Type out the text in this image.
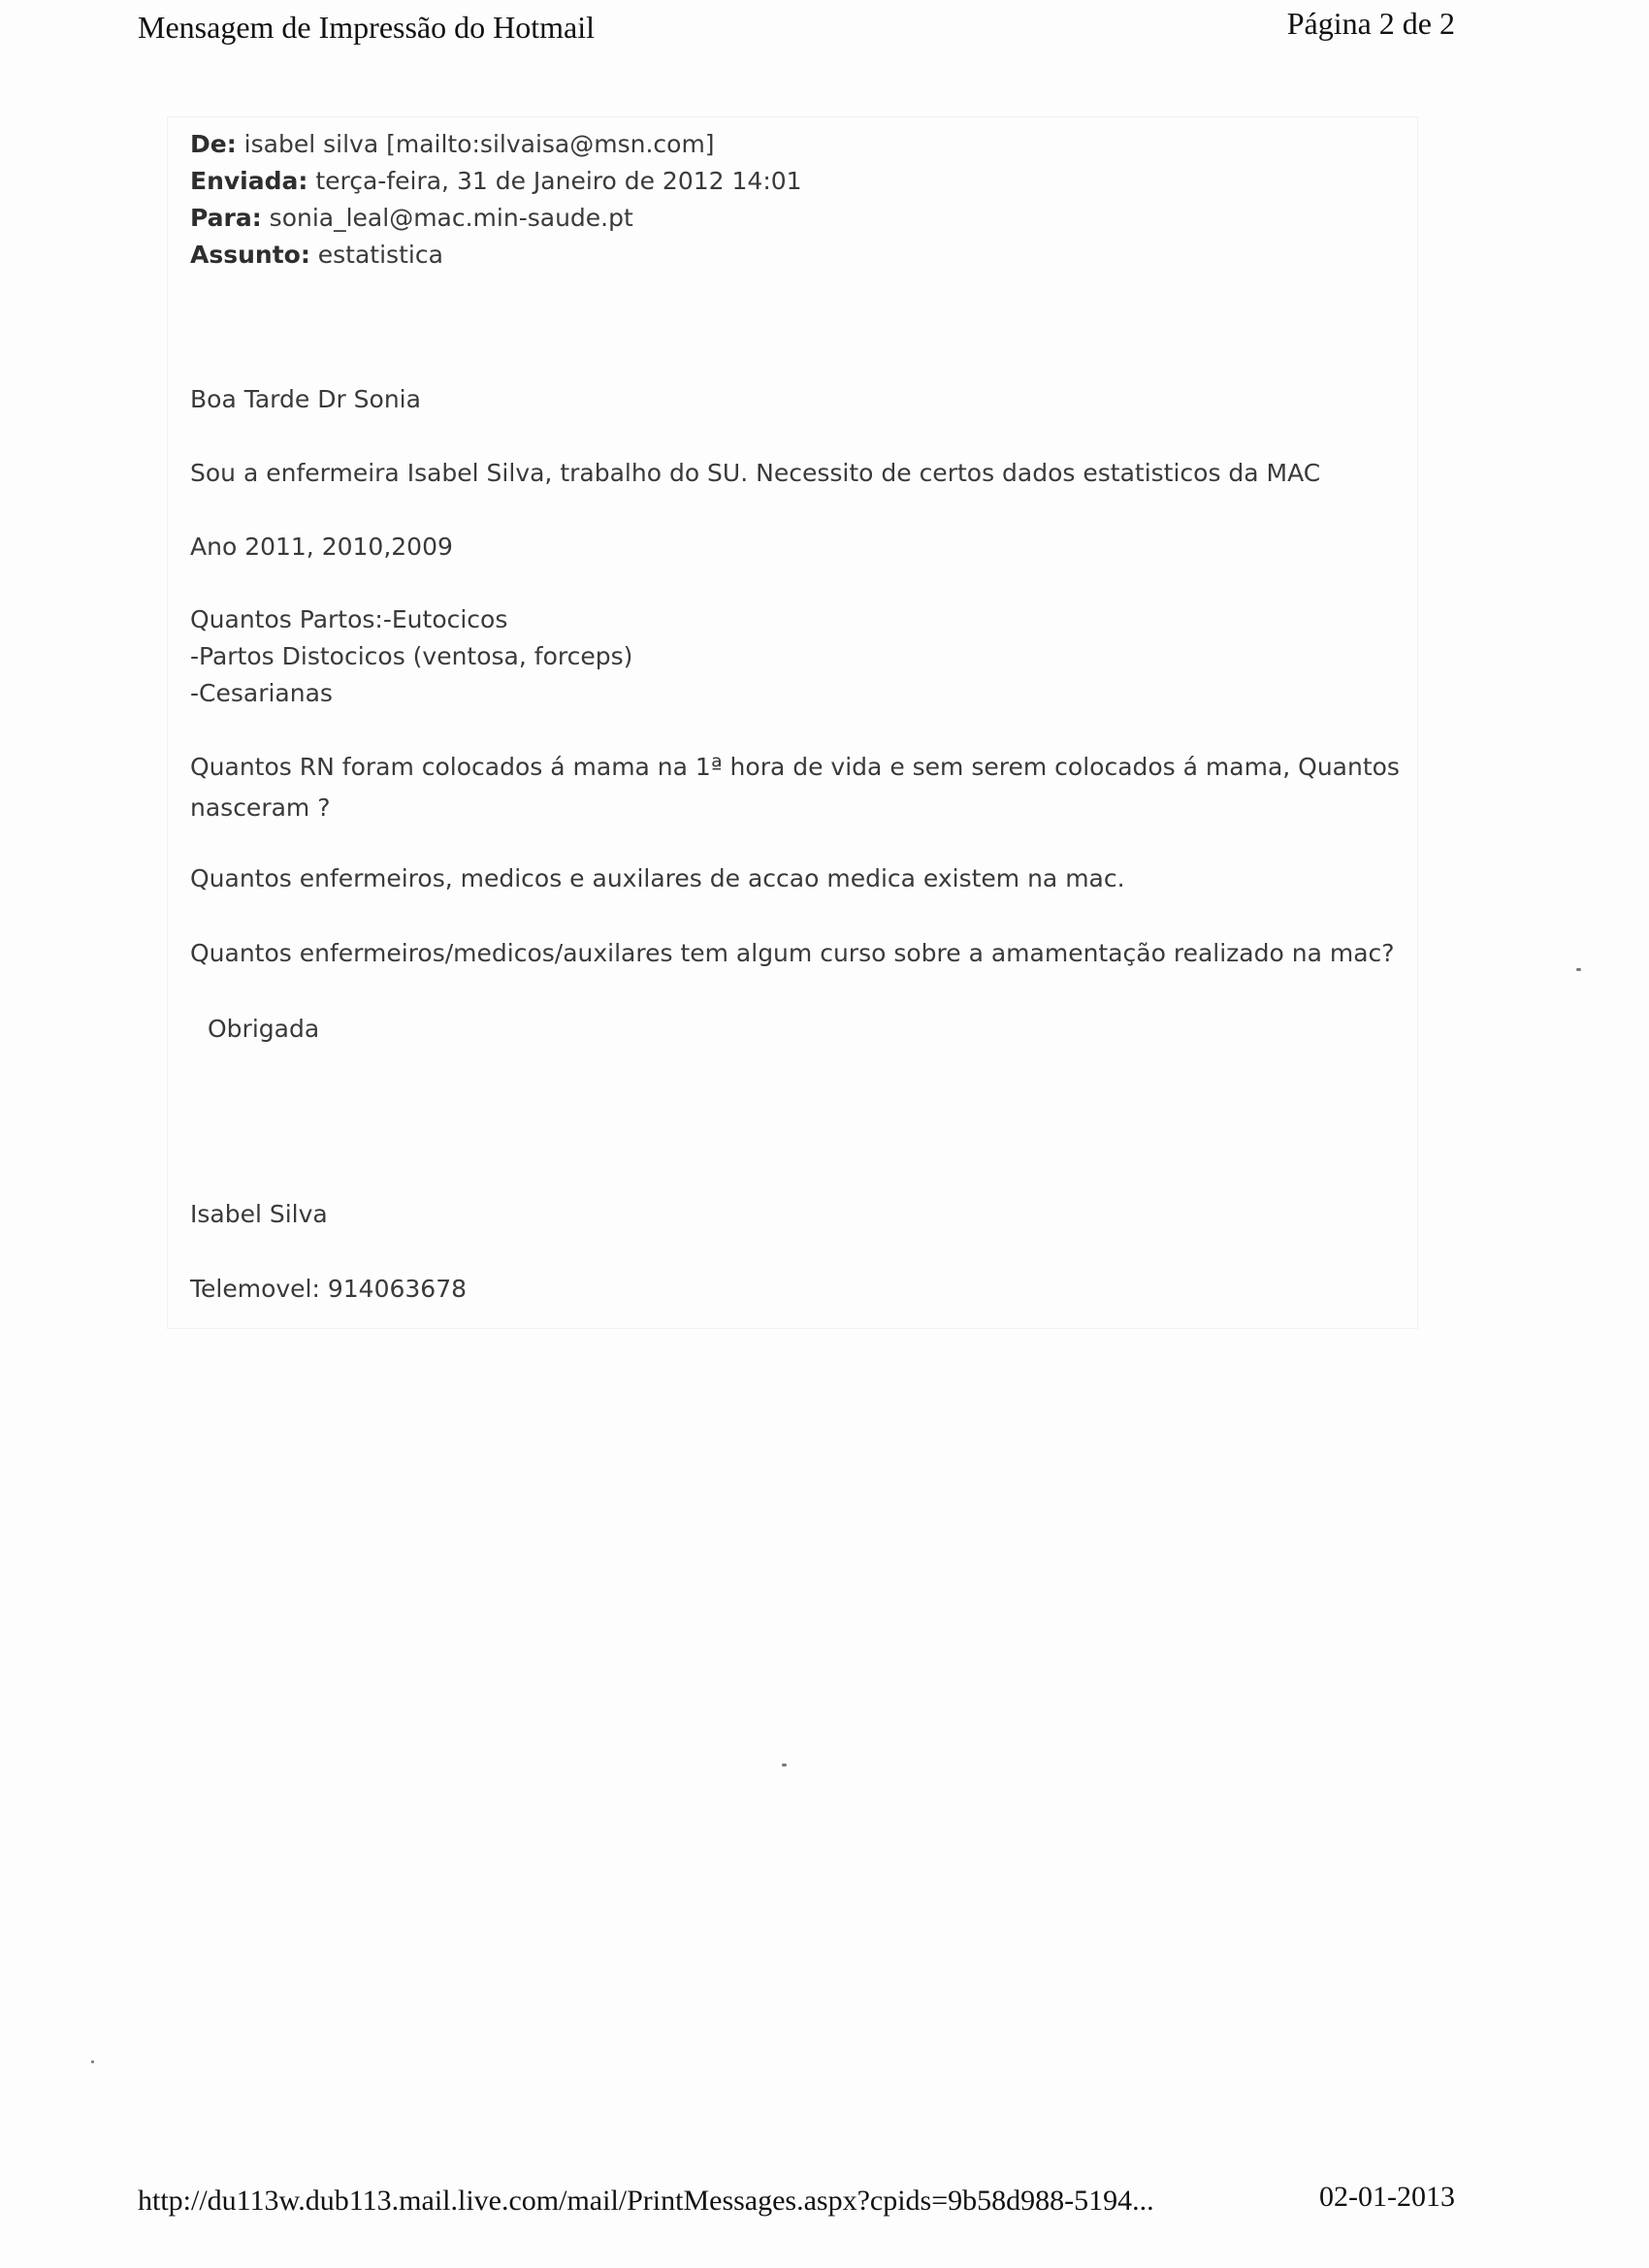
Mensagem de Impressão do Hotmail	Página 2 de 2
De: isabel silva [mailto:silvaisa@msn.com]
Enviada: terça-feira, 31 de Janeiro de 2012 14:01
Para: sonia_leal@mac.min-saude.pt
Assunto: estatistica
Boa Tarde Dr Sonia
Sou a enfermeira Isabel Silva, trabalho do SU. Necessito de certos dados estatisticos da MAC
Ano 2011, 2010,2009
Quantos Partos:-Eutocicos
-Partos Distocicos (ventosa, forceps)
-Cesarianas
Quantos RN foram colocados á mama na 1ª hora de vida e sem serem colocados á mama, Quantos
nasceram ?
Quantos enfermeiros, medicos e auxilares de accao medica existem na mac.
Quantos enfermeiros/medicos/auxilares tem algum curso sobre a amamentação realizado na mac?
Obrigada
Isabel Silva
Telemovel: 914063678
http://du113w.dub113.mail.live.com/mail/PrintMessages.aspx?cpids=9b58d988-5194...	02-01-2013
